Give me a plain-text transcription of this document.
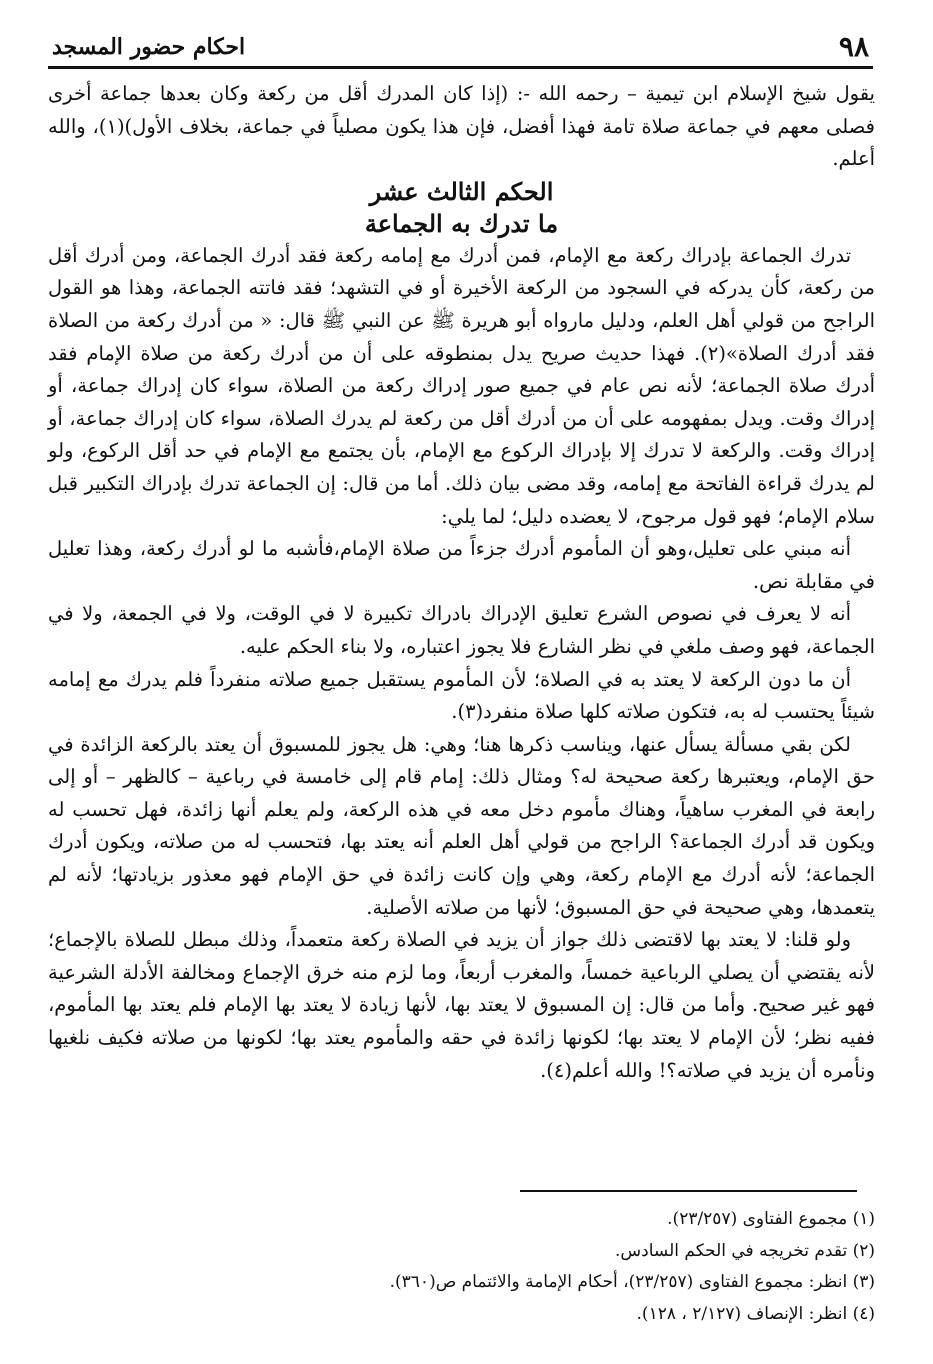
٩٨
احكام حضور المسجد

يقول شيخ الإسلام ابن تيمية – رحمه الله -: (إذا كان المدرك أقل من ركعة وكان بعدها جماعة أخرى فصلى معهم في جماعة صلاة تامة فهذا أفضل، فإن هذا يكون مصلياً في جماعة، بخلاف الأول)(١)، والله أعلم.

الحكم الثالث عشر

ما تدرك به الجماعة

تدرك الجماعة بإدراك ركعة مع الإمام، فمن أدرك مع إمامه ركعة فقد أدرك الجماعة، ومن أدرك أقل من ركعة، كأن يدركه في السجود من الركعة الأخيرة أو في التشهد؛ فقد فاتته الجماعة، وهذا هو القول الراجح من قولي أهل العلم، ودليل مارواه أبو هريرة ﷺ عن النبي ﷺ قال: « من أدرك ركعة من الصلاة فقد أدرك الصلاة»(٢). فهذا حديث صريح يدل بمنطوقه على أن من أدرك ركعة من صلاة الإمام فقد أدرك صلاة الجماعة؛ لأنه نص عام في جميع صور إدراك ركعة من الصلاة، سواء كان إدراك جماعة، أو إدراك وقت. ويدل بمفهومه على أن من أدرك أقل من ركعة لم يدرك الصلاة، سواء كان إدراك جماعة، أو إدراك وقت. والركعة لا تدرك إلا بإدراك الركوع مع الإمام، بأن يجتمع مع الإمام في حد أقل الركوع، ولو لم يدرك قراءة الفاتحة مع إمامه، وقد مضى بيان ذلك. أما من قال: إن الجماعة تدرك بإدراك التكبير قبل سلام الإمام؛ فهو قول مرجوح، لا يعضده دليل؛ لما يلي:

أنه مبني على تعليل،وهو أن المأموم أدرك جزءاً من صلاة الإمام،فأشبه ما لو أدرك ركعة، وهذا تعليل في مقابلة نص.

أنه لا يعرف في نصوص الشرع تعليق الإدراك بادراك تكبيرة لا في الوقت، ولا في الجمعة، ولا في الجماعة، فهو وصف ملغي في نظر الشارع فلا يجوز اعتباره، ولا بناء الحكم عليه.

أن ما دون الركعة لا يعتد به في الصلاة؛ لأن المأموم يستقبل جميع صلاته منفرداً فلم يدرك مع إمامه شيئاً يحتسب له به، فتكون صلاته كلها صلاة منفرد(٣).

لكن بقي مسألة يسأل عنها، ويناسب ذكرها هنا؛ وهي: هل يجوز للمسبوق أن يعتد بالركعة الزائدة في حق الإمام، ويعتبرها ركعة صحيحة له؟ ومثال ذلك: إمام قام إلى خامسة في رباعية – كالظهر – أو إلى رابعة في المغرب ساهياً، وهناك مأموم دخل معه في هذه الركعة، ولم يعلم أنها زائدة، فهل تحسب له ويكون قد أدرك الجماعة؟ الراجح من قولي أهل العلم أنه يعتد بها، فتحسب له من صلاته، ويكون أدرك الجماعة؛ لأنه أدرك مع الإمام ركعة، وهي وإن كانت زائدة في حق الإمام فهو معذور بزيادتها؛ لأنه لم يتعمدها، وهي صحيحة في حق المسبوق؛ لأنها من صلاته الأصلية.

ولو قلنا: لا يعتد بها لاقتضى ذلك جواز أن يزيد في الصلاة ركعة متعمداً، وذلك مبطل للصلاة بالإجماع؛ لأنه يقتضي أن يصلي الرباعية خمساً، والمغرب أربعاً، وما لزم منه خرق الإجماع ومخالفة الأدلة الشرعية فهو غير صحيح. وأما من قال: إن المسبوق لا يعتد بها، لأنها زيادة لا يعتد بها الإمام فلم يعتد بها المأموم، ففيه نظر؛ لأن الإمام لا يعتد بها؛ لكونها زائدة في حقه والمأموم يعتد بها؛ لكونها من صلاته فكيف نلغيها ونأمره أن يزيد في صلاته؟! والله أعلم(٤).

(١) مجموع الفتاوى (٢٣/٢٥٧).

(٢) تقدم تخريجه في الحكم السادس.

(٣) انظر: مجموع الفتاوى (٢٣/٢٥٧)، أحكام الإمامة والائتمام ص(٣٦٠).

(٤) انظر: الإنصاف (٢/١٢٧ ، ١٢٨).
